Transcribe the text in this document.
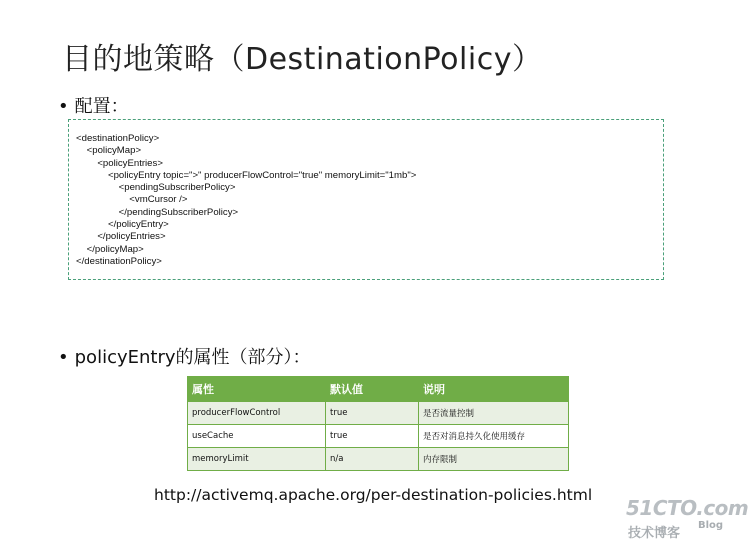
目的地策略（DestinationPolicy）
• 配置：
<destinationPolicy>
<policyMap>
<policyEntries>
<policyEntry topic=">" producerFlowControl="true" memoryLimit="1mb">
<pendingSubscriberPolicy>
<vmCursor />
</pendingSubscriberPolicy>
</policyEntry>
</policyEntries>
</policyMap>
</destinationPolicy>
• policyEntry的属性（部分）：
属性	默认值	说明
producerFlowControl	true	是否流量控制
useCache	true	是否对消息持久化使用缓存
memoryLimit	n/a	内存限制
http://activemq.apache.org/per-destination-policies.html
51CTO.com
技术博客
Blog
